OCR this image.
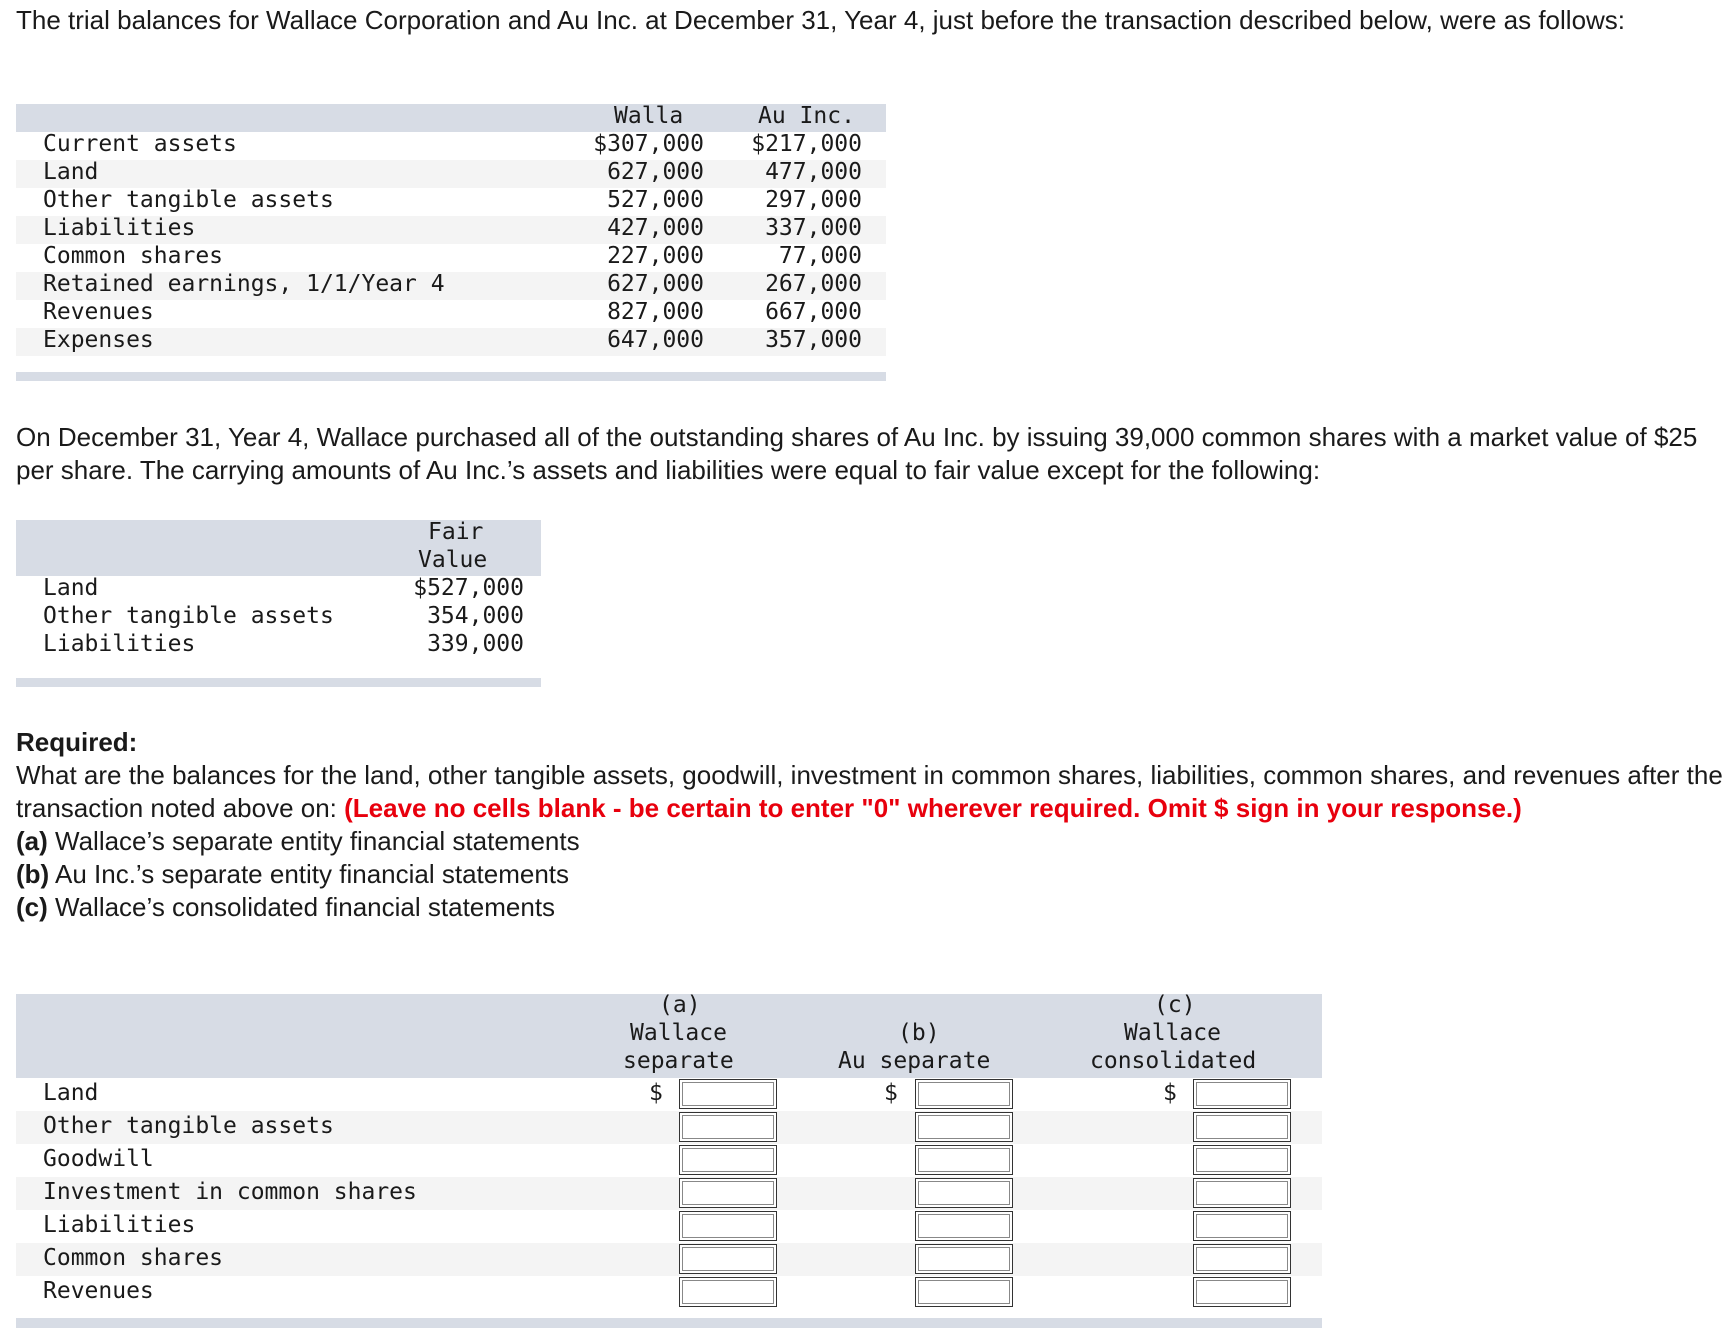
The trial balances for Wallace Corporation and Au Inc. at December 31, Year 4, just before the transaction described below, were as follows:
Walla	Au Inc.
Current assets	$307,000 $217,000
Land	627,000	477,000
Other tangible assets	527,000	297,000
Liabilities	427,000	337,000
Common shares	227,000	77,000
Retained earnings, 1/1/Year 4	627,000	267,000
Revenues	827,000	667,000
Expenses	647,000	357,000
On December 31, Year 4, Wallace purchased all of the outstanding shares of Au Inc. by issuing 39,000 common shares with a market value of $25 per share. The carrying amounts of Au Inc.’s assets and liabilities were equal to fair value except for the following:
Fair
Value
Land	$527,000
Other tangible assets	354,000
Liabilities	339,000
Required:
What are the balances for the land, other tangible assets, goodwill, investment in common shares, liabilities, common shares, and revenues after the transaction noted above on: (Leave no cells blank - be certain to enter "0" wherever required. Omit $ sign in your response.)
(a) Wallace’s separate entity financial statements
(b) Au Inc.’s separate entity financial statements
(c) Wallace’s consolidated financial statements
(a)
Wallace
separate
(b)
Au separate
(c)
Wallace
consolidated
Land	$	$	$
Other tangible assets
Goodwill
Investment in common shares
Liabilities
Common shares
Revenues
